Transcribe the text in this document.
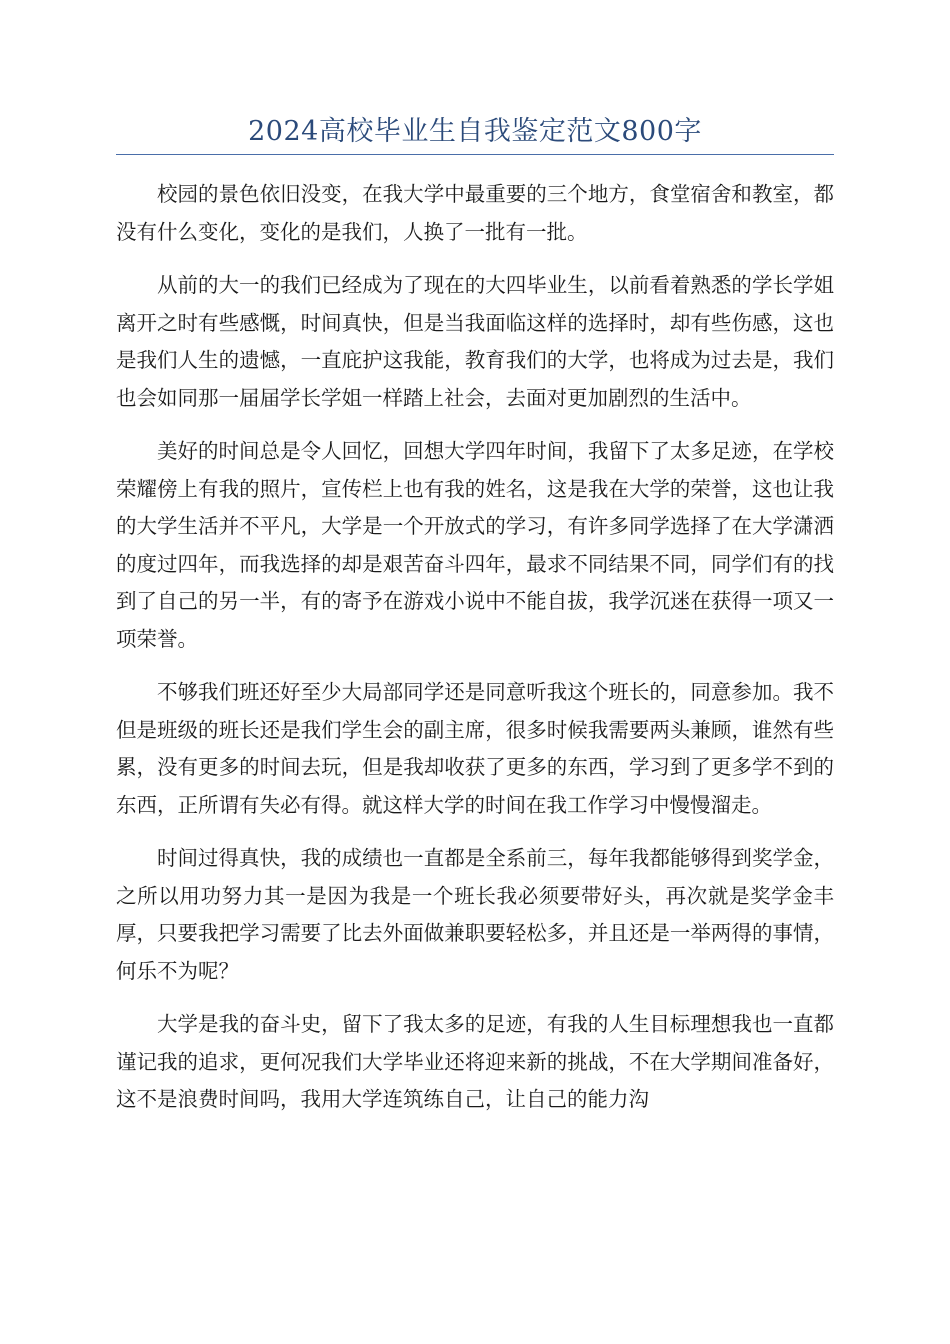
2024高校毕业生自我鉴定范文800字

校园的景色依旧没变，在我大学中最重要的三个地方，食堂宿舍和教室，都没有什么变化，变化的是我们，人换了一批有一批。

从前的大一的我们已经成为了现在的大四毕业生，以前看着熟悉的学长学姐离开之时有些感慨，时间真快，但是当我面临这样的选择时，却有些伤感，这也是我们人生的遗憾，一直庇护这我能，教育我们的大学，也将成为过去是，我们也会如同那一届届学长学姐一样踏上社会，去面对更加剧烈的生活中。

美好的时间总是令人回忆，回想大学四年时间，我留下了太多足迹，在学校荣耀傍上有我的照片，宣传栏上也有我的姓名，这是我在大学的荣誉，这也让我的大学生活并不平凡，大学是一个开放式的学习，有许多同学选择了在大学潇洒的度过四年，而我选择的却是艰苦奋斗四年，最求不同结果不同，同学们有的找到了自己的另一半，有的寄予在游戏小说中不能自拔，我学沉迷在获得一项又一项荣誉。

不够我们班还好至少大局部同学还是同意听我这个班长的，同意参加。我不但是班级的班长还是我们学生会的副主席，很多时候我需要两头兼顾，谁然有些累，没有更多的时间去玩，但是我却收获了更多的东西，学习到了更多学不到的东西，正所谓有失必有得。就这样大学的时间在我工作学习中慢慢溜走。

时间过得真快，我的成绩也一直都是全系前三，每年我都能够得到奖学金，之所以用功努力其一是因为我是一个班长我必须要带好头，再次就是奖学金丰厚，只要我把学习需要了比去外面做兼职要轻松多，并且还是一举两得的事情，何乐不为呢？

大学是我的奋斗史，留下了我太多的足迹，有我的人生目标理想我也一直都谨记我的追求，更何况我们大学毕业还将迎来新的挑战，不在大学期间准备好，这不是浪费时间吗，我用大学连筑练自己，让自己的能力沟
